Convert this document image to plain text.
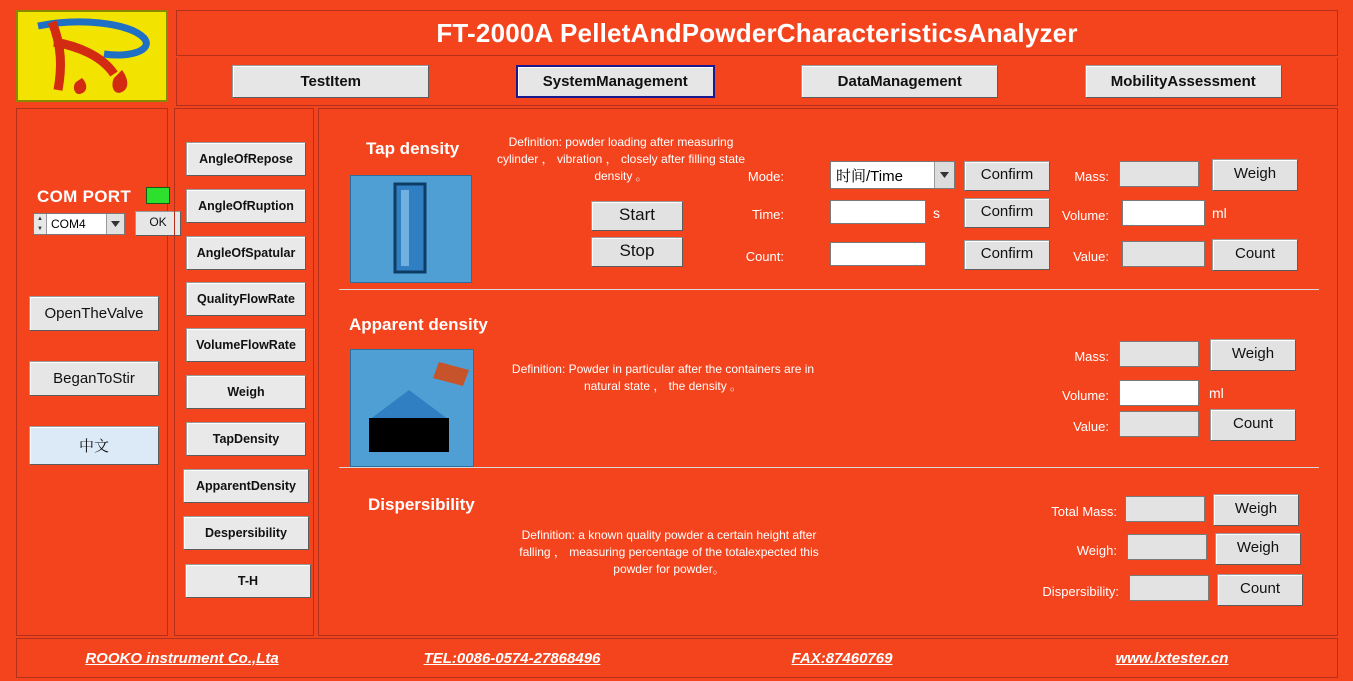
FT-2000A PelletAndPowderCharacteristicsAnalyzer
TestItem	SystemManagement	DataManagement	MobilityAssessment
COM PORT
▲
▼ COM4	OK
OpenTheValve
BeganToStir
中文
AngleOfRepose
AngleOfRuption
AngleOfSpatular
QualityFlowRate
VolumeFlowRate
Weigh
TapDensity
ApparentDensity
Despersibility
T-H
Tap density	Definition: powder loading after measuring cylinder ， vibration ， closely after filling state density 。
Start
Stop
Mode:	时间/Time	Confirm
Time:	s	Confirm
Count:	Confirm
Mass:	Weigh
Volume:	ml
Value:	Count
Apparent density
Definition: Powder in particular after the containers are in natural state ， the density 。
Mass:	Weigh
Volume:	ml
Value:	Count
Dispersibility
Definition: a known quality powder a certain height after falling ， measuring percentage of the totalexpected this powder for powder。
Total Mass:	Weigh
Weigh:	Weigh
Dispersibility:	Count
ROOKO instrument Co.,Lta	TEL:0086-0574-27868496	FAX:87460769	www.lxtester.cn
